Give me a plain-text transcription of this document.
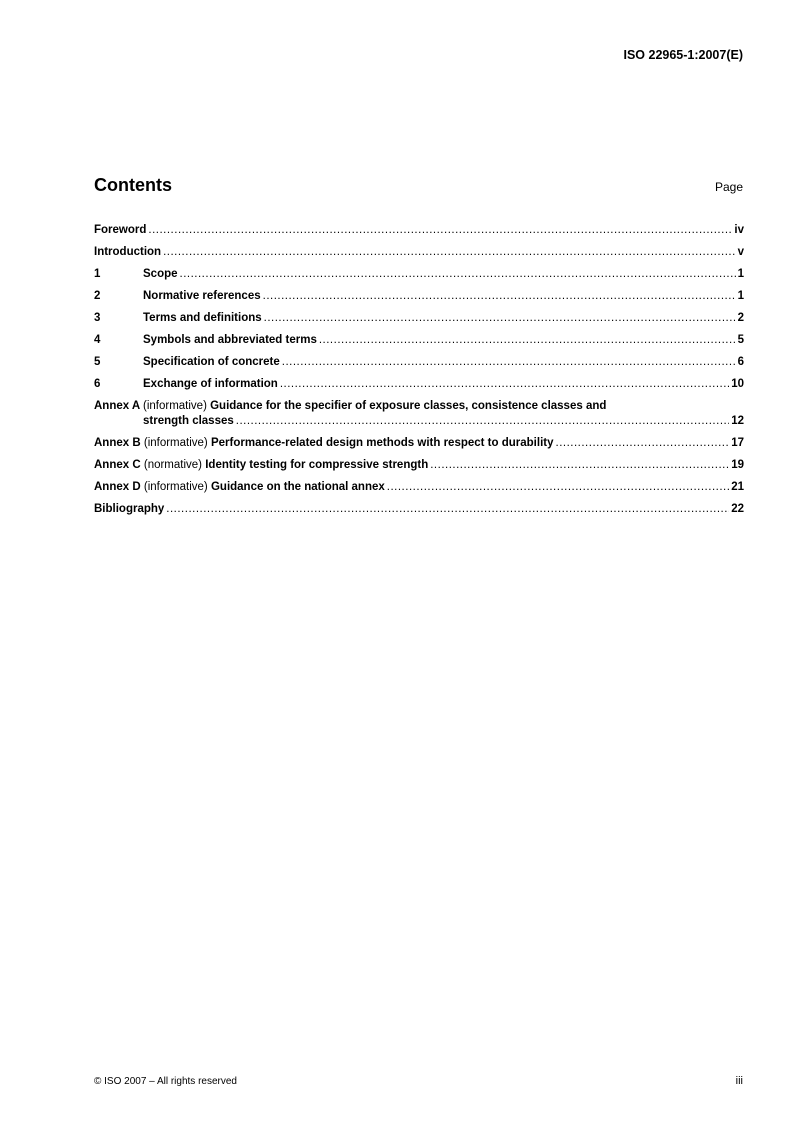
ISO 22965-1:2007(E)
Contents	Page
Foreword .....	iv
Introduction .....	v
1	Scope .....	1
2	Normative references .....	1
3	Terms and definitions .....	2
4	Symbols and abbreviated terms .....	5
5	Specification of concrete .....	6
6	Exchange of information .....	10
Annex A (informative) Guidance for the specifier of exposure classes, consistence classes and
strength classes .....	12
Annex B (informative) Performance-related design methods with respect to durability .....	17
Annex C (normative) Identity testing for compressive strength .....	19
Annex D (informative) Guidance on the national annex .....	21
Bibliography .....	22
© ISO 2007 – All rights reserved	iii
